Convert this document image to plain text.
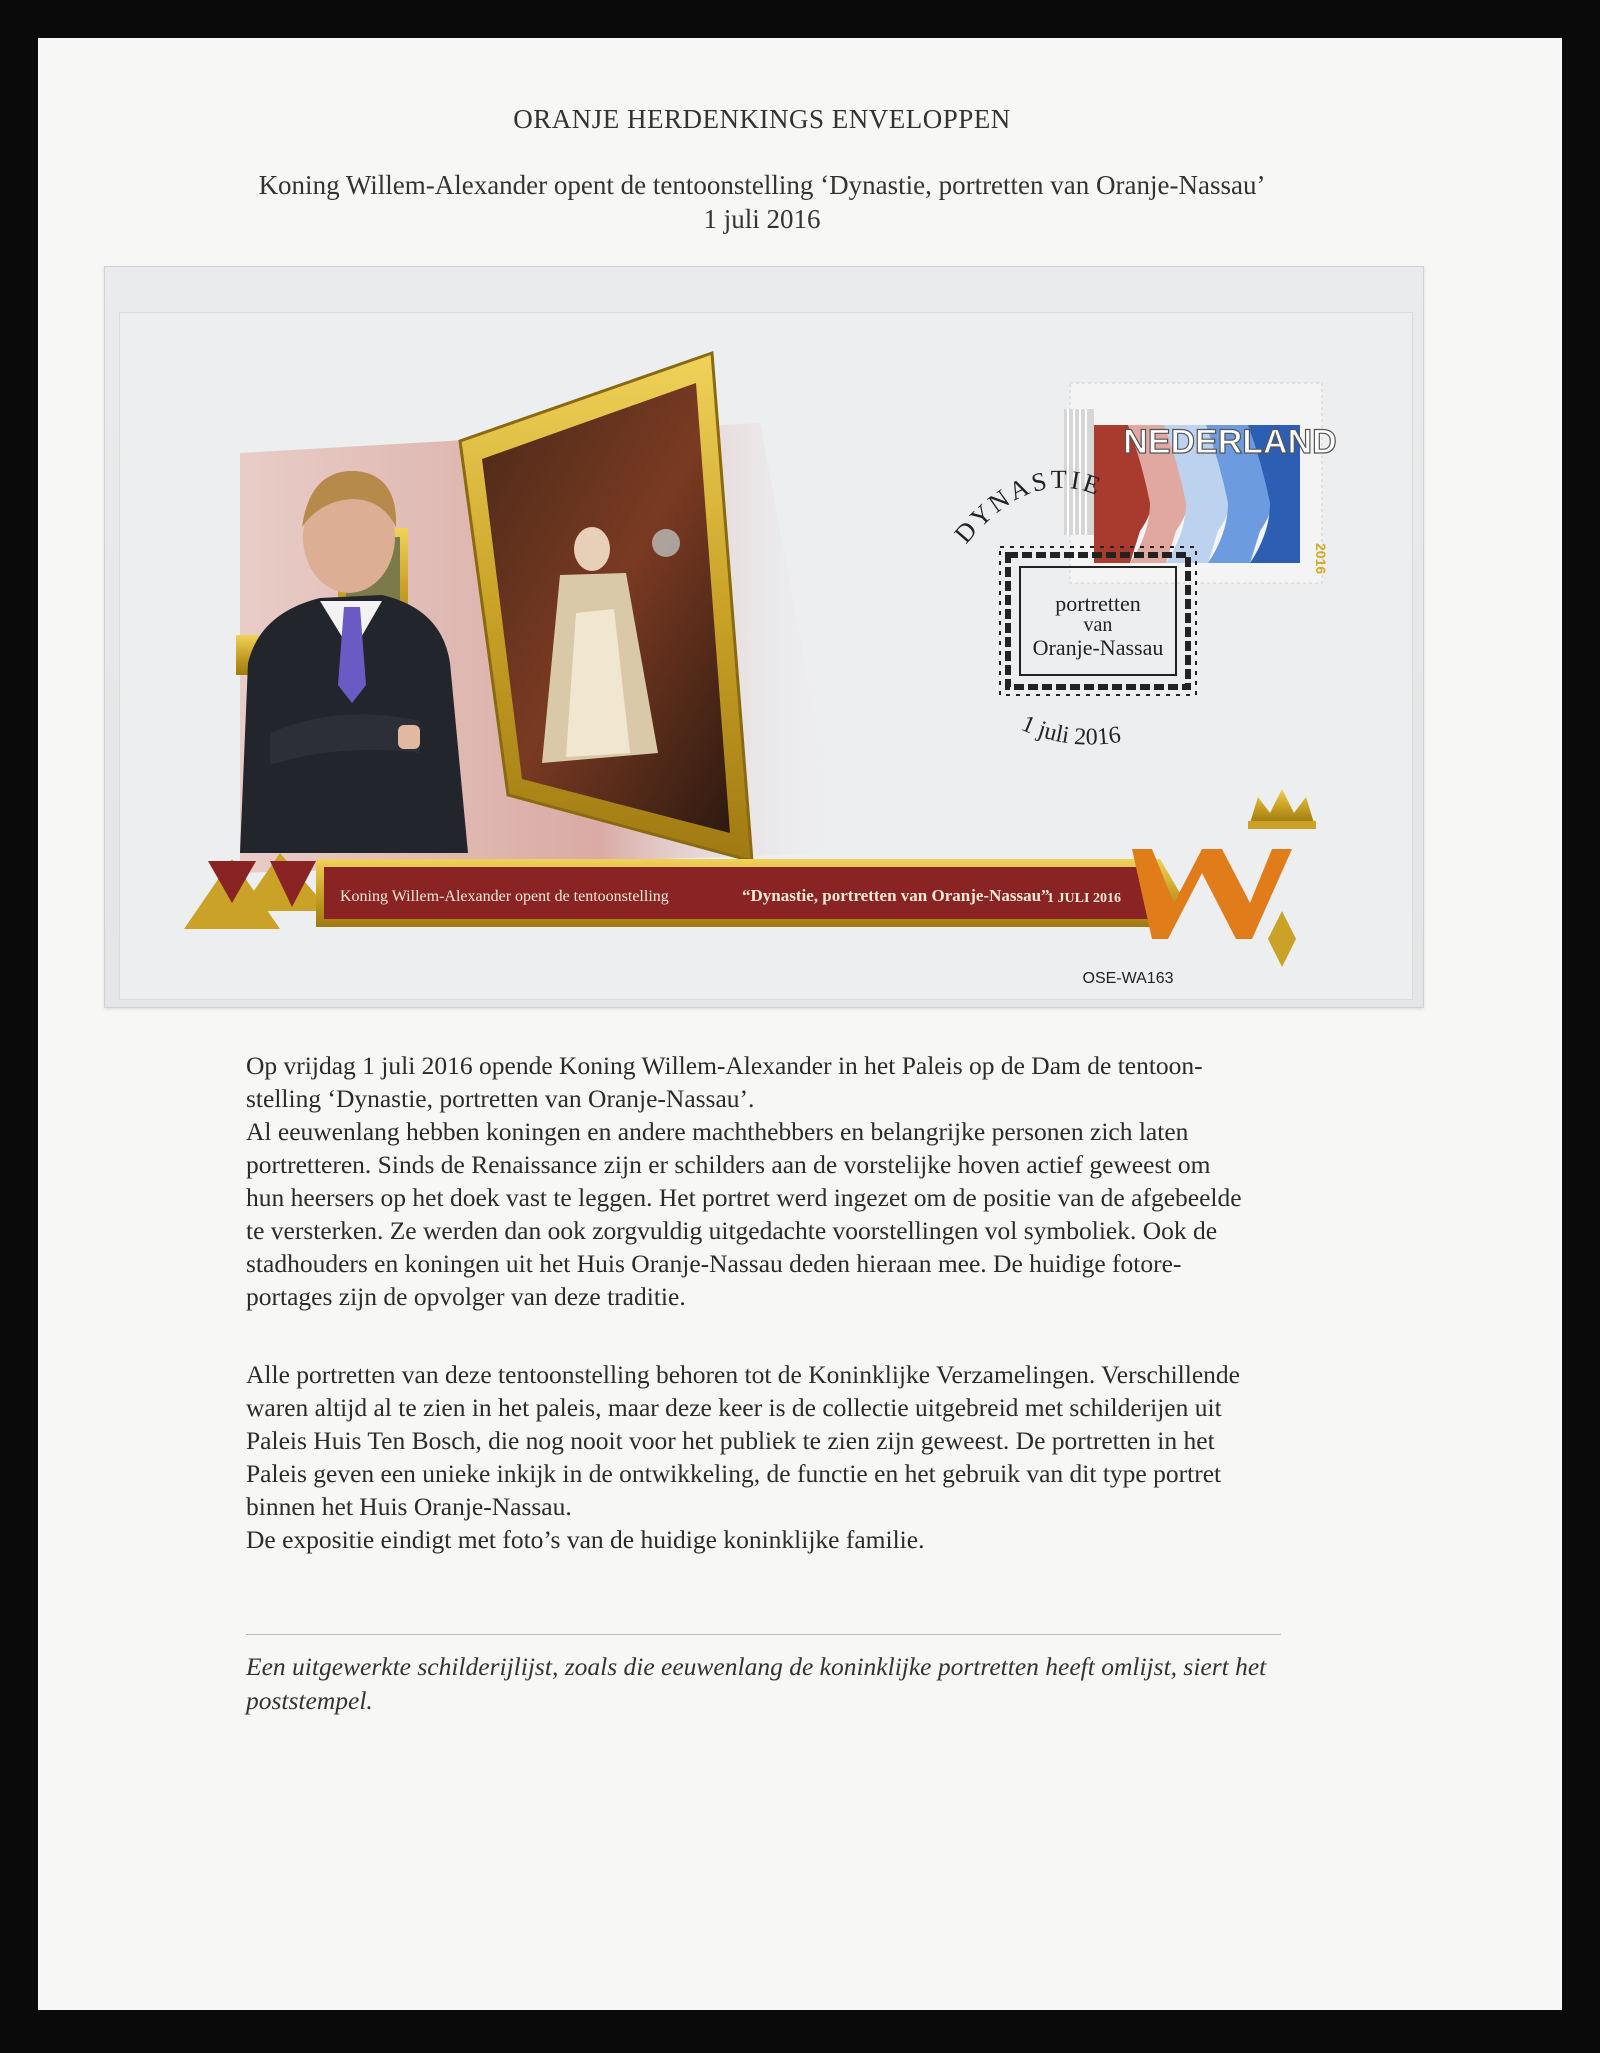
ORANJE HERDENKINGS ENVELOPPEN
Koning Willem-Alexander opent de tentoonstelling ‘Dynastie, portretten van Oranje-Nassau’
1 juli 2016
NEDERLAND
2016
DYNASTIE
portretten
van
Oranje-Nassau
1 juli 2016
Koning Willem-Alexander opent de tentoonstelling	“Dynastie, portretten van Oranje-Nassau”
1 JULI 2016
OSE-WA163

Op vrijdag 1 juli 2016 opende Koning Willem-Alexander in het Paleis op de Dam de tentoon-

stelling ‘Dynastie, portretten van Oranje-Nassau’.

Al eeuwenlang hebben koningen en andere machthebbers en belangrijke personen zich laten

portretteren. Sinds de Renaissance zijn er schilders aan de vorstelijke hoven actief geweest om

hun heersers op het doek vast te leggen. Het portret werd ingezet om de positie van de afgebeelde

te versterken. Ze werden dan ook zorgvuldig uitgedachte voorstellingen vol symboliek. Ook de

stadhouders en koningen uit het Huis Oranje-Nassau deden hieraan mee. De huidige fotore-

portages zijn de opvolger van deze traditie.

Alle portretten van deze tentoonstelling behoren tot de Koninklijke Verzamelingen. Verschillende

waren altijd al te zien in het paleis, maar deze keer is de collectie uitgebreid met schilderijen uit

Paleis Huis Ten Bosch, die nog nooit voor het publiek te zien zijn geweest. De portretten in het

Paleis geven een unieke inkijk in de ontwikkeling, de functie en het gebruik van dit type portret

binnen het Huis Oranje-Nassau.

De expositie eindigt met foto’s van de huidige koninklijke familie.

Een uitgewerkte schilderijlijst, zoals die eeuwenlang de koninklijke portretten heeft omlijst, siert het
poststempel.
